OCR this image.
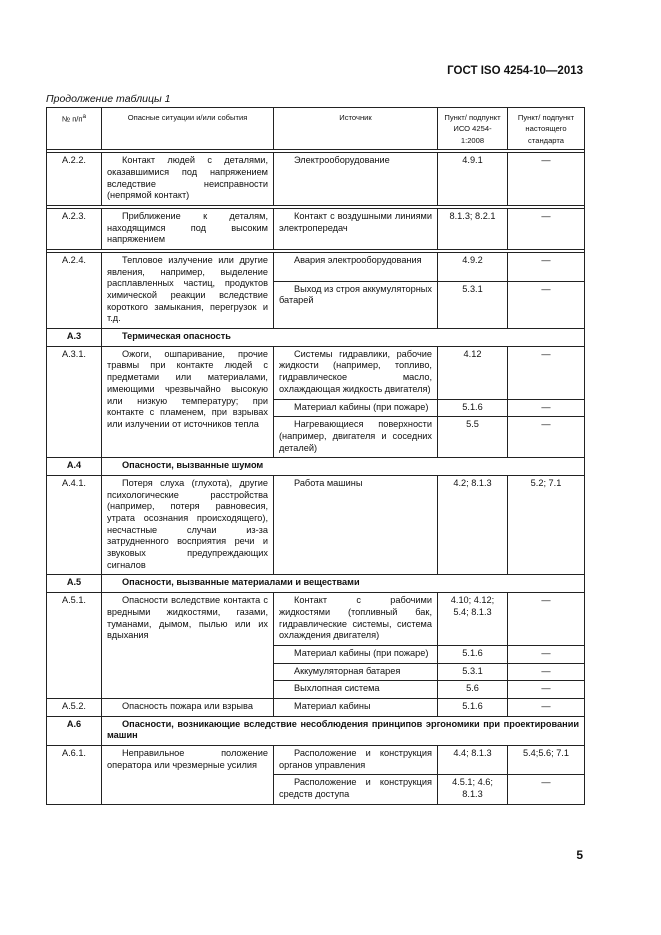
ГОСТ ISO 4254-10—2013
Продолжение таблицы 1
№ $п/п^а$	Опасные ситуации и/или события	Источник	Пункт/ подпункт ИСО 4254-1:2008	Пункт/ подпункт настоящего стандарта

А.2.2.	Контакт людей с деталями, оказавшимися под напряжением вследствие неисправности (непрямой контакт)	Электрооборудование	4.9.1	—

А.2.3.	Приближение к деталям, находящимся под высоким напряжением	Контакт с воздушными линиями электропередач	8.1.3; 8.2.1	—

А.2.4.	Тепловое излучение или другие явления, например, выделение расплавленных частиц, продуктов химической реакции вследствие короткого замыкания, перегрузок и т.д.	Авария электрооборудования	4.9.2	—
		Выход из строя аккумуляторных батарей	5.3.1	—
А.3	Термическая опасность			
А.3.1.	Ожоги, ошпаривание, прочие травмы при контакте людей с предметами или материалами, имеющими чрезвычайно высокую или низкую температуру; при контакте с пламенем, при взрывах или излучении от источников тепла	Системы гидравлики, рабочие жидкости (например, топливо, гидравлическое масло, охлаждающая жидкость двигателя)	4.12	—
		Материал кабины (при пожаре)	5.1.6	—
		Нагревающиеся поверхности (например, двигателя и соседних деталей)	5.5	—
А.4	Опасности, вызванные шумом			
А.4.1.	Потеря слуха (глухота), другие психологические расстройства (например, потеря равновесия, утрата осознания происходящего), несчастные случаи из-за затрудненного восприятия речи и звуковых предупреждающих сигналов	Работа машины	4.2; 8.1.3	5.2; 7.1
А.5	Опасности, вызванные материалами и веществами			
А.5.1.	Опасности вследствие контакта с вредными жидкостями, газами, туманами, дымом, пылью или их вдыхания	Контакт с рабочими жидкостями (топливный бак, гидравлические системы, система охлаждения двигателя)	4.10; 4.12; 5.4; 8.1.3	—
		Материал кабины (при пожаре)	5.1.6	—
		Аккумуляторная батарея	5.3.1	—
		Выхлопная система	5.6	—
А.5.2.	Опасность пожара или взрыва	Материал кабины	5.1.6	—
А.6	Опасности, возникающие вследствие несоблюдения принципов эргономики при проектировании машин			
А.6.1.	Неправильное положение оператора или чрезмерные усилия	Расположение и конструкция органов управления	4.4; 8.1.3	5.4;5.6; 7.1
		Расположение и конструкция средств доступа	4.5.1; 4.6; 8.1.3	—
5
